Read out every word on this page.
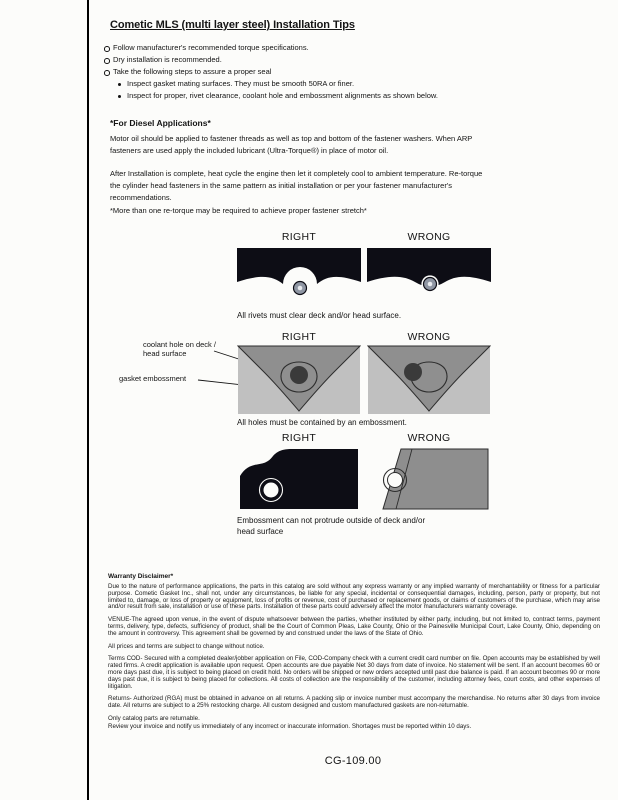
Cometic MLS (multi layer steel) Installation Tips
Follow manufacturer's recommended torque specifications.
Dry installation is recommended.
Take the following steps to assure a proper seal
Inspect gasket mating surfaces. They must be smooth 50RA or finer.
Inspect for proper, rivet clearance, coolant hole and embossment alignments as shown below.
*For Diesel Applications*

Motor oil should be applied to fastener threads as well as top and bottom of the fastener washers. When ARP fasteners are used apply the included lubricant (Ultra-Torque®) in place of motor oil.

After Installation is complete, heat cycle the engine then let it completely cool to ambient temperature. Re-torque the cylinder head fasteners in the same pattern as initial installation or per your fastener manufacturer's recommendations.

*More than one re-torque may be required to achieve proper fastener stretch*
RIGHT	WRONG
All rivets must clear deck and/or head surface.
RIGHT	WRONG
coolant hole on deck / head surface
gasket embossment
All holes must be contained by an embossment.
RIGHT	WRONG
Embossment can not protrude outside of deck and/or head surface
Warranty Disclaimer*

Due to the nature of performance applications, the parts in this catalog are sold without any express warranty or any implied warranty of merchantability or fitness for a particular purpose. Cometic Gasket Inc., shall not, under any circumstances, be liable for any special, incidental or consequential damages, including, person, party or property, but not limited to, damage, or loss of property or equipment, loss of profits or revenue, cost of purchased or replacement goods, or claims of customers of the purchase, which may arise and/or result from sale, installation or use of these parts. Installation of these parts could adversely affect the motor manufacturers warranty coverage.

VENUE-The agreed upon venue, in the event of dispute whatsoever between the parties, whether instituted by either party, including, but not limited to, contract terms, payment terms, delivery, type, defects, sufficiency of product, shall be the Court of Common Pleas, Lake County, Ohio or the Painesville Municipal Court, Lake County, Ohio, depending on the amount in controversy. This agreement shall be governed by and construed under the laws of the State of Ohio.

All prices and terms are subject to change without notice.

Terms COD- Secured with a completed dealer/jobber application on File, COD-Company check with a current credit card number on file. Open accounts may be established by well rated firms. A credit application is available upon request. Open accounts are due payable Net 30 days from date of invoice. No statement will be sent. If an account becomes 60 or more days past due, it is subject to being placed on credit hold. No orders will be shipped or new orders accepted until past due balance is paid. If an account becomes 90 or more days past due, it is subject to being placed for collections. All costs of collection are the responsibility of the customer, including attorney fees, court costs, and other expenses of litigation.

Returns- Authorized (RGA) must be obtained in advance on all returns. A packing slip or invoice number must accompany the merchandise. No returns after 30 days from invoice date. All returns are subject to a 25% restocking charge. All custom designed and custom manufactured gaskets are non-returnable.

Only catalog parts are returnable.

Review your invoice and notify us immediately of any incorrect or inaccurate information. Shortages must be reported within 10 days.

CG-109.00
